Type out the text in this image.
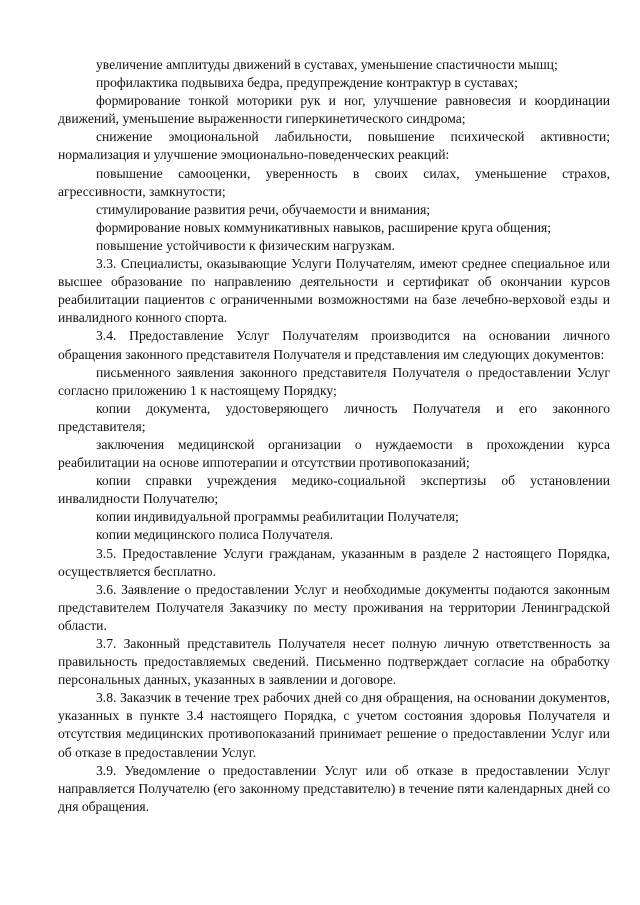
увеличение амплитуды движений в суставах, уменьшение спастичности мышц;

профилактика подвывиха бедра, предупреждение контрактур в суставах;

формирование тонкой моторики рук и ног, улучшение равновесия и координации движений, уменьшение выраженности гиперкинетического синдрома;

снижение эмоциональной лабильности, повышение психической активности; нормализация и улучшение эмоционально-поведенческих реакций:

повышение самооценки, уверенность в своих силах, уменьшение страхов, агрессивности, замкнутости;

стимулирование развития речи, обучаемости и внимания;

формирование новых коммуникативных навыков, расширение круга общения;

повышение устойчивости к физическим нагрузкам.

3.3. Специалисты, оказывающие Услуги Получателям, имеют среднее специальное или высшее образование по направлению деятельности и сертификат об окончании курсов реабилитации пациентов с ограниченными возможностями на базе лечебно-верховой езды и инвалидного конного спорта.

3.4. Предоставление Услуг Получателям производится на основании личного обращения законного представителя Получателя и представления им следующих документов:

письменного заявления законного представителя Получателя о предоставлении Услуг согласно приложению 1 к настоящему Порядку;

копии документа, удостоверяющего личность Получателя и его законного представителя;

заключения медицинской организации о нуждаемости в прохождении курса реабилитации на основе иппотерапии и отсутствии противопоказаний;

копии справки учреждения медико-социальной экспертизы об установлении инвалидности Получателю;

копии индивидуальной программы реабилитации Получателя;

копии медицинского полиса Получателя.

3.5. Предоставление Услуги гражданам, указанным в разделе 2 настоящего Порядка, осуществляется бесплатно.

3.6. Заявление о предоставлении Услуг и необходимые документы подаются законным представителем Получателя Заказчику по месту проживания на территории Ленинградской области.

3.7. Законный представитель Получателя несет полную личную ответственность за правильность предоставляемых сведений. Письменно подтверждает согласие на обработку персональных данных, указанных в заявлении и договоре.

3.8. Заказчик в течение трех рабочих дней со дня обращения, на основании документов, указанных в пункте 3.4 настоящего Порядка, с учетом состояния здоровья Получателя и отсутствия медицинских противопоказаний принимает решение о предоставлении Услуг или об отказе в предоставлении Услуг.

3.9. Уведомление о предоставлении Услуг или об отказе в предоставлении Услуг направляется Получателю (его законному представителю) в течение пяти календарных дней со дня обращения.
